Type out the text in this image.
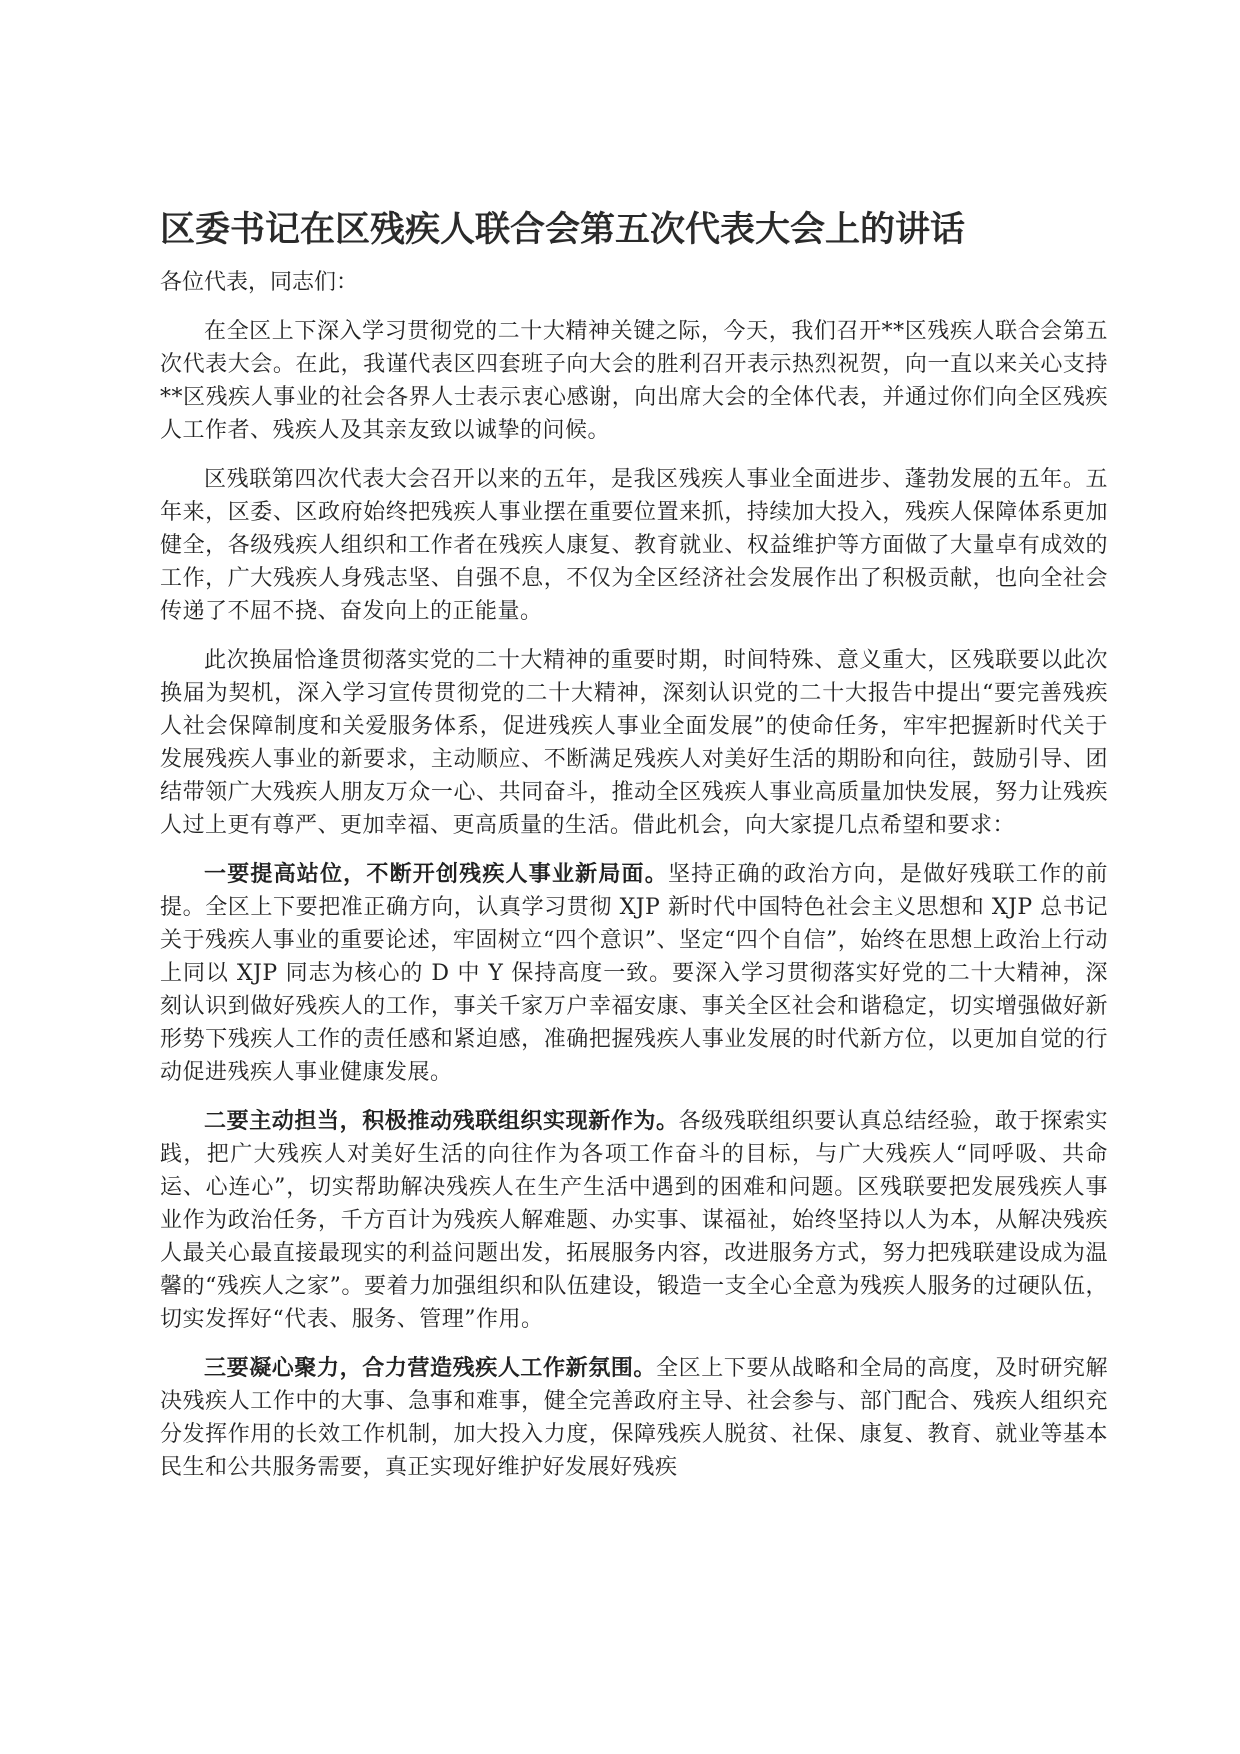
区委书记在区残疾人联合会第五次代表大会上的讲话
各位代表，同志们：

在全区上下深入学习贯彻党的二十大精神关键之际，今天，我们召开**区残疾人联合会第五次代表大会。在此，我谨代表区四套班子向大会的胜利召开表示热烈祝贺，向一直以来关心支持**区残疾人事业的社会各界人士表示衷心感谢，向出席大会的全体代表，并通过你们向全区残疾人工作者、残疾人及其亲友致以诚挚的问候。

区残联第四次代表大会召开以来的五年，是我区残疾人事业全面进步、蓬勃发展的五年。五年来，区委、区政府始终把残疾人事业摆在重要位置来抓，持续加大投入，残疾人保障体系更加健全，各级残疾人组织和工作者在残疾人康复、教育就业、权益维护等方面做了大量卓有成效的工作，广大残疾人身残志坚、自强不息，不仅为全区经济社会发展作出了积极贡献，也向全社会传递了不屈不挠、奋发向上的正能量。

此次换届恰逢贯彻落实党的二十大精神的重要时期，时间特殊、意义重大，区残联要以此次换届为契机，深入学习宣传贯彻党的二十大精神，深刻认识党的二十大报告中提出“要完善残疾人社会保障制度和关爱服务体系，促进残疾人事业全面发展”的使命任务，牢牢把握新时代关于发展残疾人事业的新要求，主动顺应、不断满足残疾人对美好生活的期盼和向往，鼓励引导、团结带领广大残疾人朋友万众一心、共同奋斗，推动全区残疾人事业高质量加快发展，努力让残疾人过上更有尊严、更加幸福、更高质量的生活。借此机会，向大家提几点希望和要求：

一要提高站位，不断开创残疾人事业新局面。坚持正确的政治方向，是做好残联工作的前提。全区上下要把准正确方向，认真学习贯彻 XJP 新时代中国特色社会主义思想和 XJP 总书记关于残疾人事业的重要论述，牢固树立“四个意识”、坚定“四个自信”，始终在思想上政治上行动上同以 XJP 同志为核心的 D 中 Y 保持高度一致。要深入学习贯彻落实好党的二十大精神，深刻认识到做好残疾人的工作，事关千家万户幸福安康、事关全区社会和谐稳定，切实增强做好新形势下残疾人工作的责任感和紧迫感，准确把握残疾人事业发展的时代新方位，以更加自觉的行动促进残疾人事业健康发展。

二要主动担当，积极推动残联组织实现新作为。各级残联组织要认真总结经验，敢于探索实践，把广大残疾人对美好生活的向往作为各项工作奋斗的目标，与广大残疾人“同呼吸、共命运、心连心”，切实帮助解决残疾人在生产生活中遇到的困难和问题。区残联要把发展残疾人事业作为政治任务，千方百计为残疾人解难题、办实事、谋福祉，始终坚持以人为本，从解决残疾人最关心最直接最现实的利益问题出发，拓展服务内容，改进服务方式，努力把残联建设成为温馨的“残疾人之家”。要着力加强组织和队伍建设，锻造一支全心全意为残疾人服务的过硬队伍，切实发挥好“代表、服务、管理”作用。

三要凝心聚力，合力营造残疾人工作新氛围。全区上下要从战略和全局的高度，及时研究解决残疾人工作中的大事、急事和难事，健全完善政府主导、社会参与、部门配合、残疾人组织充分发挥作用的长效工作机制，加大投入力度，保障残疾人脱贫、社保、康复、教育、就业等基本民生和公共服务需要，真正实现好维护好发展好残疾
